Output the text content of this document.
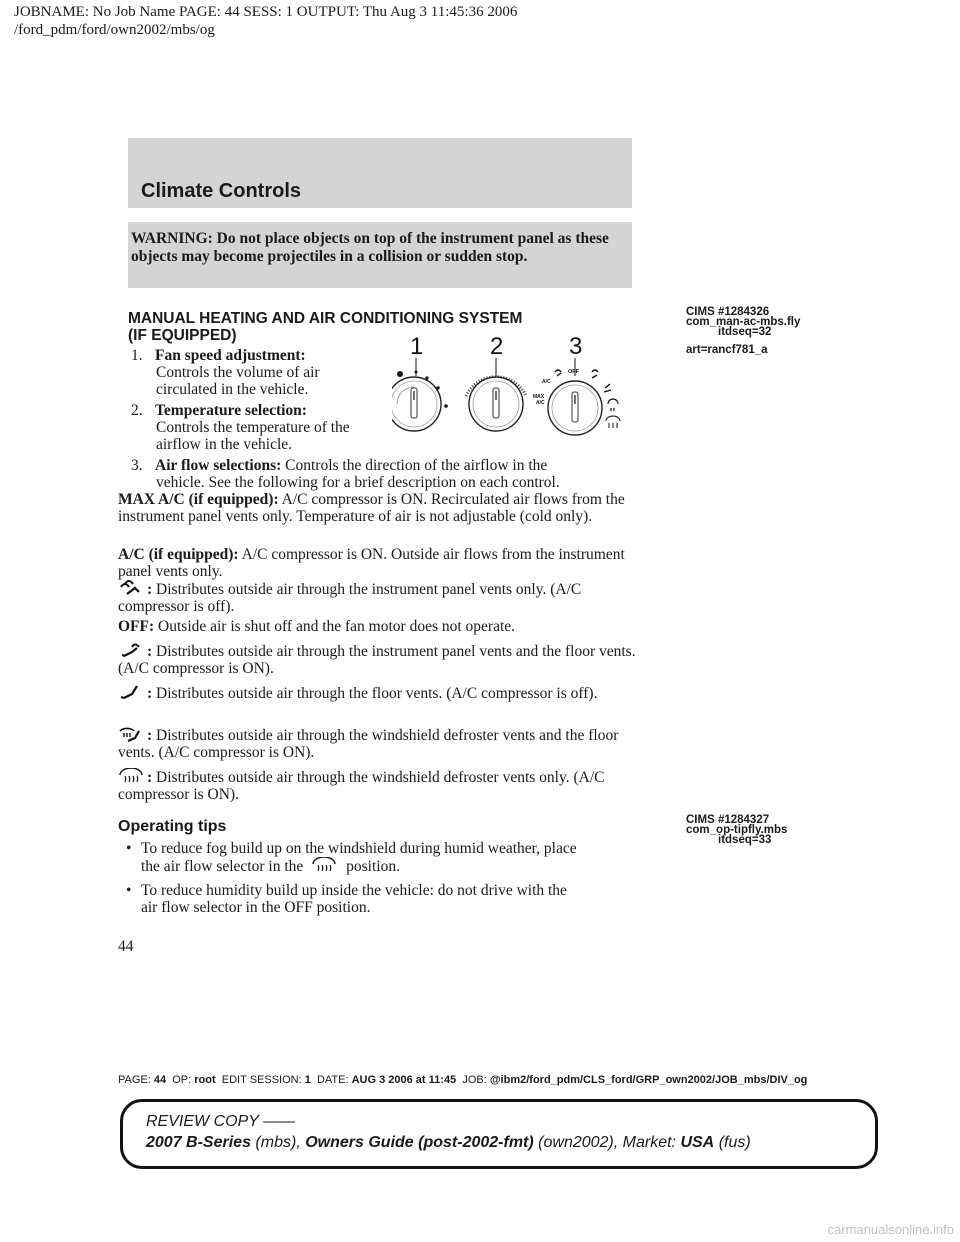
JOBNAME: No Job Name PAGE: 44 SESS: 1 OUTPUT: Thu Aug 3 11:45:36 2006
/ford_pdm/ford/own2002/mbs/og
Climate Controls
WARNING: Do not place objects on top of the instrument panel as these objects may become projectiles in a collision or sudden stop.
CIMS #1284326
com_man-ac-mbs.fly
itdseq=32
art=rancf781_a
MANUAL HEATING AND AIR CONDITIONING SYSTEM
(IF EQUIPPED)
1. Fan speed adjustment:
Controls the volume of air
circulated in the vehicle.
2. Temperature selection:
Controls the temperature of the
airflow in the vehicle.
3. Air flow selections: Controls the direction of the airflow in the
vehicle. See the following for a brief description on each control.
1	2	3
OFF
A/C
MAX
A/C
MAX A/C (if equipped): A/C compressor is ON. Recirculated air flows from the instrument panel vents only. Temperature of air is not adjustable (cold only).
A/C (if equipped): A/C compressor is ON. Outside air flows from the instrument panel vents only.
: Distributes outside air through the instrument panel vents only. (A/C compressor is off).
OFF: Outside air is shut off and the fan motor does not operate.
: Distributes outside air through the instrument panel vents and the floor vents. (A/C compressor is ON).
: Distributes outside air through the floor vents. (A/C compressor is off).
: Distributes outside air through the windshield defroster vents and the floor vents. (A/C compressor is ON).
: Distributes outside air through the windshield defroster vents only. (A/C compressor is ON).
CIMS #1284327
com_op-tipfly.mbs
itdseq=33
Operating tips
• To reduce fog build up on the windshield during humid weather, place
the air flow selector in the	position.
• To reduce humidity build up inside the vehicle: do not drive with the
air flow selector in the OFF position.
44
PAGE: 44 OP: root EDIT SESSION: 1 DATE: AUG 3 2006 at 11:45 JOB: @ibm2/ford_pdm/CLS_ford/GRP_own2002/JOB_mbs/DIV_og
REVIEW COPY ——
2007 B-Series (mbs), Owners Guide (post-2002-fmt) (own2002), Market: USA (fus)
carmanualsonline.info
